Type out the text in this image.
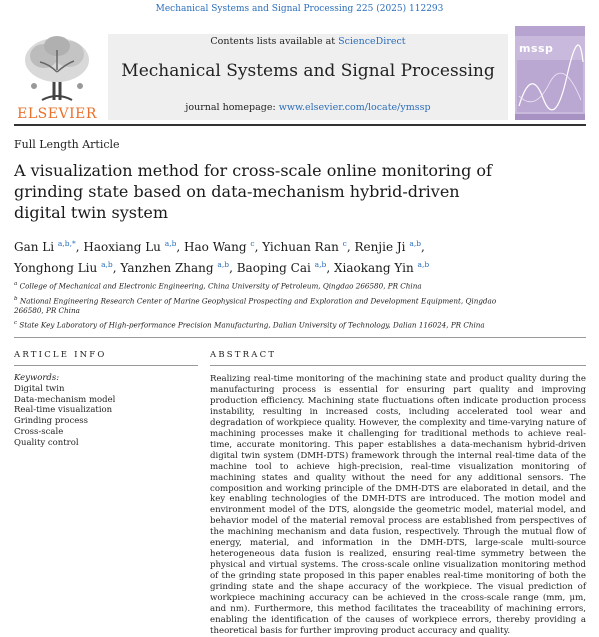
Mechanical Systems and Signal Processing 225 (2025) 112293
ELSEVIER
Contents lists available at ScienceDirect
Mechanical Systems and Signal Processing
journal homepage: www.elsevier.com/locate/ymssp
mssp
Full Length Article
A visualization method for cross-scale online monitoring of grinding state based on data-mechanism hybrid-driven digital twin system
Gan Li $^{a,b,*}$, Haoxiang Lu $^{a,b}$, Hao Wang $^c$, Yichuan Ran $^c$, Renjie Ji $^{a,b}$,
Yonghong Liu $^{a,b}$, Yanzhen Zhang $^{a,b}$, Baoping Cai $^{a,b}$, Xiaokang Yin $^{a,b}$
$^a$ College of Mechanical and Electronic Engineering, China University of Petroleum, Qingdao 266580, PR China
$^b$ National Engineering Research Center of Marine Geophysical Prospecting and Exploration and Development Equipment, Qingdao 266580, PR China
$^c$ State Key Laboratory of High-performance Precision Manufacturing, Dalian University of Technology, Dalian 116024, PR China
ARTICLE INFO	ABSTRACT
Keywords:
Digital twin
Data-mechanism model
Real-time visualization
Grinding process
Cross-scale
Quality control
Realizing real-time monitoring of the machining state and product quality during the manufacturing process is essential for ensuring part quality and improving production efficiency. Machining state fluctuations often indicate production process instability, resulting in increased costs, including accelerated tool wear and degradation of workpiece quality. However, the complexity and time-varying nature of machining processes make it challenging for traditional methods to achieve real-time, accurate monitoring. This paper establishes a data-mechanism hybrid-driven digital twin system (DMH-DTS) framework through the internal real-time data of the machine tool to achieve high-precision, real-time visualization monitoring of machining states and quality without the need for any additional sensors. The composition and working principle of the DMH-DTS are elaborated in detail, and the key enabling technologies of the DMH-DTS are introduced. The motion model and environment model of the DTS, alongside the geometric model, material model, and behavior model of the material removal process are established from perspectives of the machining mechanism and data fusion, respectively. Through the mutual flow of energy, material, and information in the DMH-DTS, large-scale multi-source heterogeneous data fusion is realized, ensuring real-time symmetry between the physical and virtual systems. The cross-scale online visualization monitoring method of the grinding state proposed in this paper enables real-time monitoring of both the grinding state and the shape accuracy of the workpiece. The visual prediction of workpiece machining accuracy can be achieved in the cross-scale range (mm, μm, and nm). Furthermore, this method facilitates the traceability of machining errors, enabling the identification of the causes of workpiece errors, thereby providing a theoretical basis for further improving product accuracy and quality.
